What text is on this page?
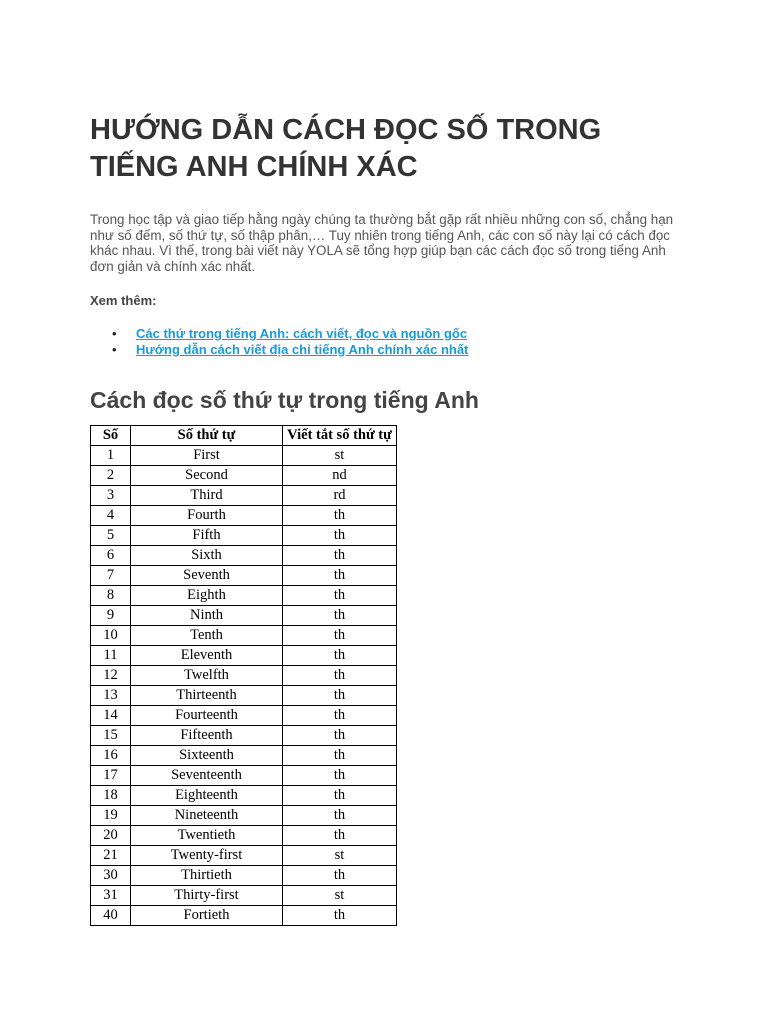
HƯỚNG DẪN CÁCH ĐỌC SỐ TRONG TIẾNG ANH CHÍNH XÁC

Trong học tập và giao tiếp hằng ngày chúng ta thường bắt gặp rất nhiều những con số, chẳng hạn như số đếm, số thứ tự, số thập phân,… Tuy nhiên trong tiếng Anh, các con số này lại có cách đọc khác nhau. Vì thế, trong bài viết này YOLA sẽ tổng hợp giúp bạn các cách đọc số trong tiếng Anh đơn giản và chính xác nhất.

Xem thêm:

• Các thứ trong tiếng Anh: cách viết, đọc và nguồn gốc
• Hướng dẫn cách viết địa chỉ tiếng Anh chính xác nhất
Cách đọc số thứ tự trong tiếng Anh
Số	Số thứ tự	Viết tắt số thứ tự
1	First	st
2	Second	nd
3	Third	rd
4	Fourth	th
5	Fifth	th
6	Sixth	th
7	Seventh	th
8	Eighth	th
9	Ninth	th
10	Tenth	th
11	Eleventh	th
12	Twelfth	th
13	Thirteenth	th
14	Fourteenth	th
15	Fifteenth	th
16	Sixteenth	th
17	Seventeenth	th
18	Eighteenth	th
19	Nineteenth	th
20	Twentieth	th
21	Twenty-first	st
30	Thirtieth	th
31	Thirty-first	st
40	Fortieth	th
